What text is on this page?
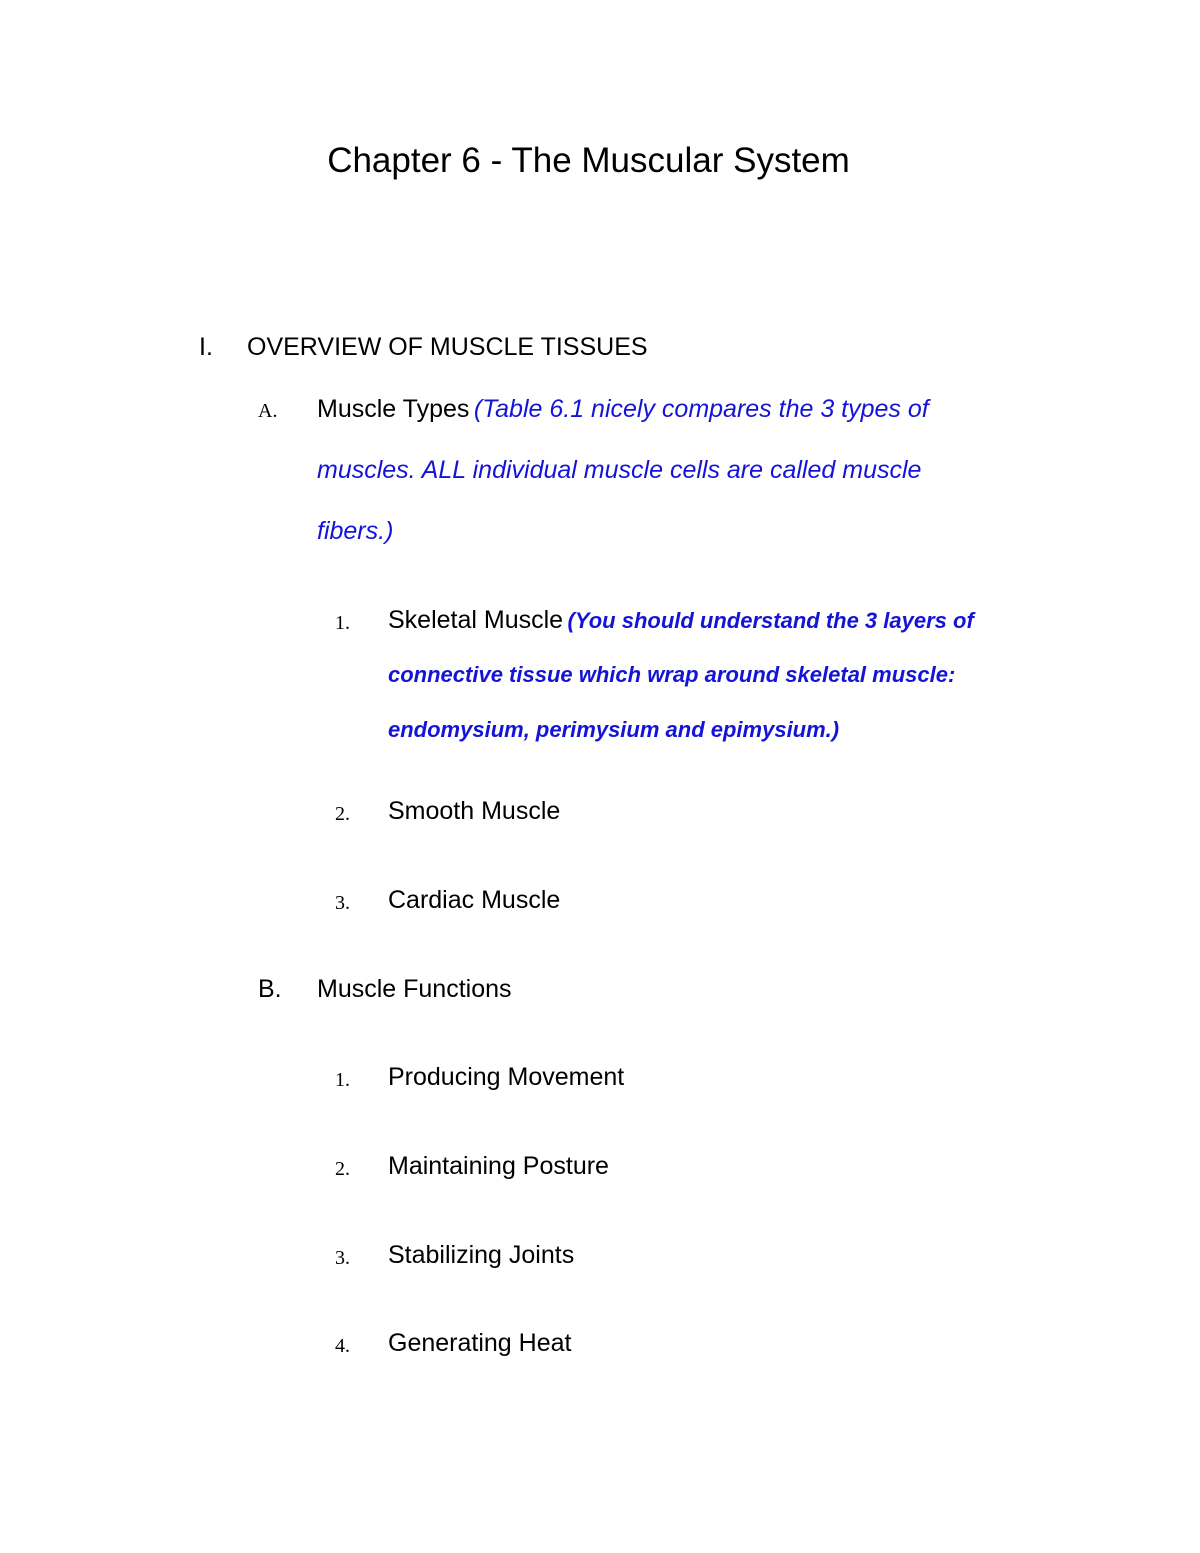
Chapter 6 - The Muscular System
I. OVERVIEW OF MUSCLE TISSUES
A. Muscle Types (Table 6.1 nicely compares the 3 types of
muscles. ALL individual muscle cells are called muscle
fibers.)
1. Skeletal Muscle (You should understand the 3 layers of
connective tissue which wrap around skeletal muscle:
endomysium, perimysium and epimysium.)
2. Smooth Muscle
3. Cardiac Muscle
B. Muscle Functions
1. Producing Movement
2. Maintaining Posture
3. Stabilizing Joints
4. Generating Heat
